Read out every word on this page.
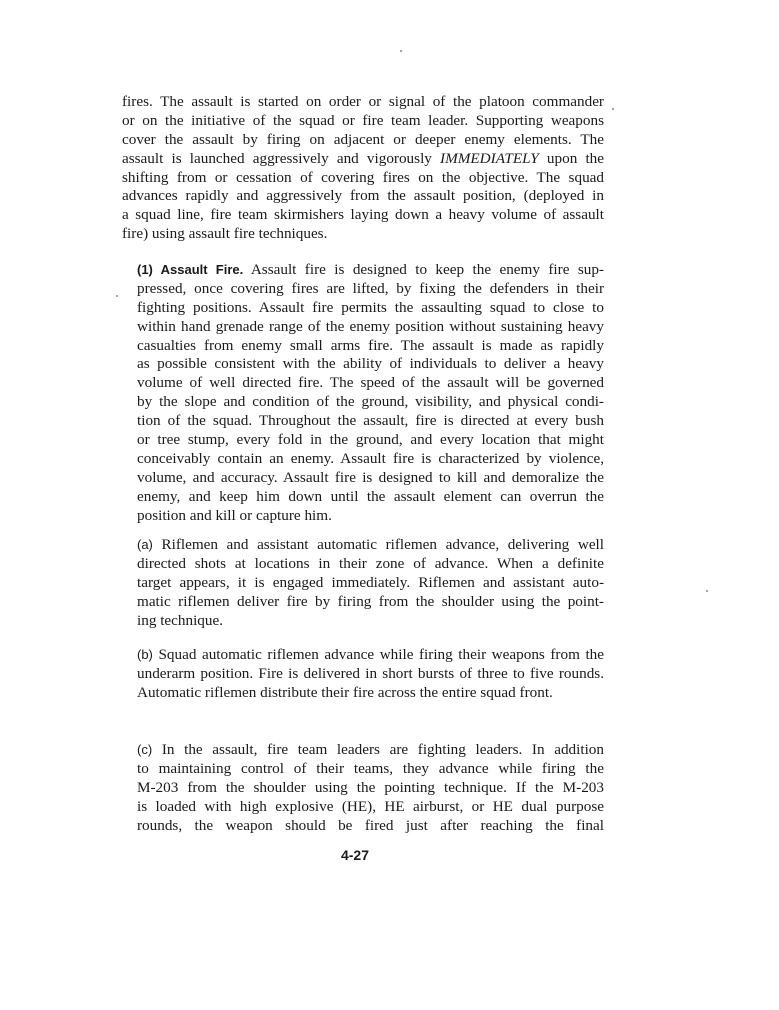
fires. The assault is started on order or signal of the platoon commander
or on the initiative of the squad or fire team leader. Supporting weapons
cover the assault by firing on adjacent or deeper enemy elements. The
assault is launched aggressively and vigorously IMMEDIATELY upon the
shifting from or cessation of covering fires on the objective. The squad
advances rapidly and aggressively from the assault position, (deployed in
a squad line, fire team skirmishers laying down a heavy volume of assault
fire) using assault fire techniques.
(1) Assault Fire. Assault fire is designed to keep the enemy fire sup-
pressed, once covering fires are lifted, by fixing the defenders in their
fighting positions. Assault fire permits the assaulting squad to close to
within hand grenade range of the enemy position without sustaining heavy
casualties from enemy small arms fire. The assault is made as rapidly
as possible consistent with the ability of individuals to deliver a heavy
volume of well directed fire. The speed of the assault will be governed
by the slope and condition of the ground, visibility, and physical condi-
tion of the squad. Throughout the assault, fire is directed at every bush
or tree stump, every fold in the ground, and every location that might
conceivably contain an enemy. Assault fire is characterized by violence,
volume, and accuracy. Assault fire is designed to kill and demoralize the
enemy, and keep him down until the assault element can overrun the
position and kill or capture him.
(a) Riflemen and assistant automatic riflemen advance, delivering well
directed shots at locations in their zone of advance. When a definite
target appears, it is engaged immediately. Riflemen and assistant auto-
matic riflemen deliver fire by firing from the shoulder using the point-
ing technique.
(b) Squad automatic riflemen advance while firing their weapons from the
underarm position. Fire is delivered in short bursts of three to five rounds.
Automatic riflemen distribute their fire across the entire squad front.
(c) In the assault, fire team leaders are fighting leaders. In addition
to maintaining control of their teams, they advance while firing the
M-203 from the shoulder using the pointing technique. If the M-203
is loaded with high explosive (HE), HE airburst, or HE dual purpose
rounds, the weapon should be fired just after reaching the final
4-27
